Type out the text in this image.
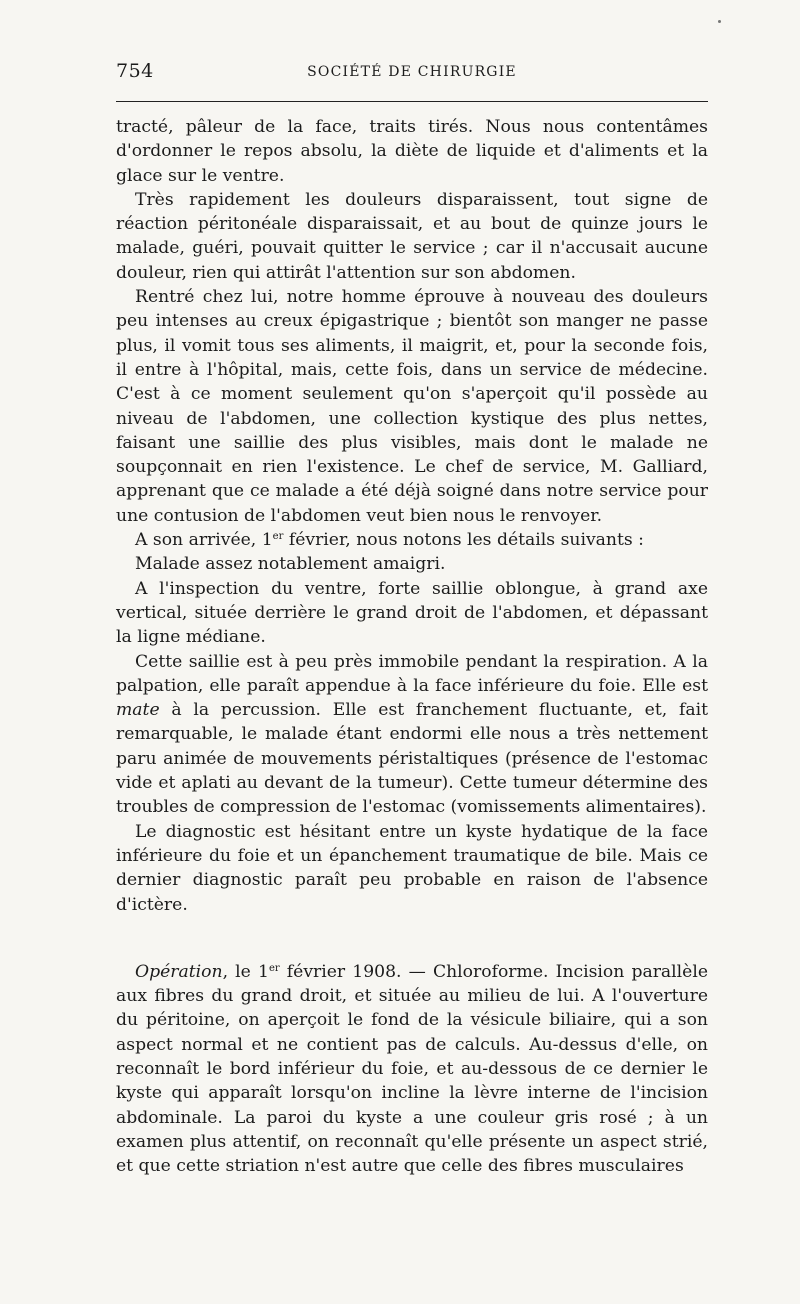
754	SOCIÉTÉ DE CHIRURGIE

tracté, pâleur de la face, traits tirés. Nous nous contentâmes d'ordonner le repos absolu, la diète de liquide et d'aliments et la glace sur le ventre.

Très rapidement les douleurs disparaissent, tout signe de réaction péritonéale disparaissait, et au bout de quinze jours le malade, guéri, pouvait quitter le service ; car il n'accusait aucune douleur, rien qui attirât l'attention sur son abdomen.

Rentré chez lui, notre homme éprouve à nouveau des douleurs peu intenses au creux épigastrique ; bientôt son manger ne passe plus, il vomit tous ses aliments, il maigrit, et, pour la seconde fois, il entre à l'hôpital, mais, cette fois, dans un service de médecine. C'est à ce moment seulement qu'on s'aperçoit qu'il possède au niveau de l'abdomen, une collection kystique des plus nettes, faisant une saillie des plus visibles, mais dont le malade ne soupçonnait en rien l'existence. Le chef de service, M. Galliard, apprenant que ce malade a été déjà soigné dans notre service pour une contusion de l'abdomen veut bien nous le renvoyer.

A son arrivée, 1er février, nous notons les détails suivants :

Malade assez notablement amaigri.

A l'inspection du ventre, forte saillie oblongue, à grand axe vertical, située derrière le grand droit de l'abdomen, et dépassant la ligne médiane.

Cette saillie est à peu près immobile pendant la respiration. A la palpation, elle paraît appendue à la face inférieure du foie. Elle est mate à la percussion. Elle est franchement fluctuante, et, fait remarquable, le malade étant endormi elle nous a très nettement paru animée de mouvements péristaltiques (présence de l'estomac vide et aplati au devant de la tumeur). Cette tumeur détermine des troubles de compression de l'estomac (vomissements alimentaires).

Le diagnostic est hésitant entre un kyste hydatique de la face inférieure du foie et un épanchement traumatique de bile. Mais ce dernier diagnostic paraît peu probable en raison de l'absence d'ictère.

Opération, le 1er février 1908. — Chloroforme. Incision parallèle aux fibres du grand droit, et située au milieu de lui. A l'ouverture du péritoine, on aperçoit le fond de la vésicule biliaire, qui a son aspect normal et ne contient pas de calculs. Au-dessus d'elle, on reconnaît le bord inférieur du foie, et au-dessous de ce dernier le kyste qui apparaît lorsqu'on incline la lèvre interne de l'incision abdominale. La paroi du kyste a une couleur gris rosé ; à un examen plus attentif, on reconnaît qu'elle présente un aspect strié, et que cette striation n'est autre que celle des fibres musculaires
